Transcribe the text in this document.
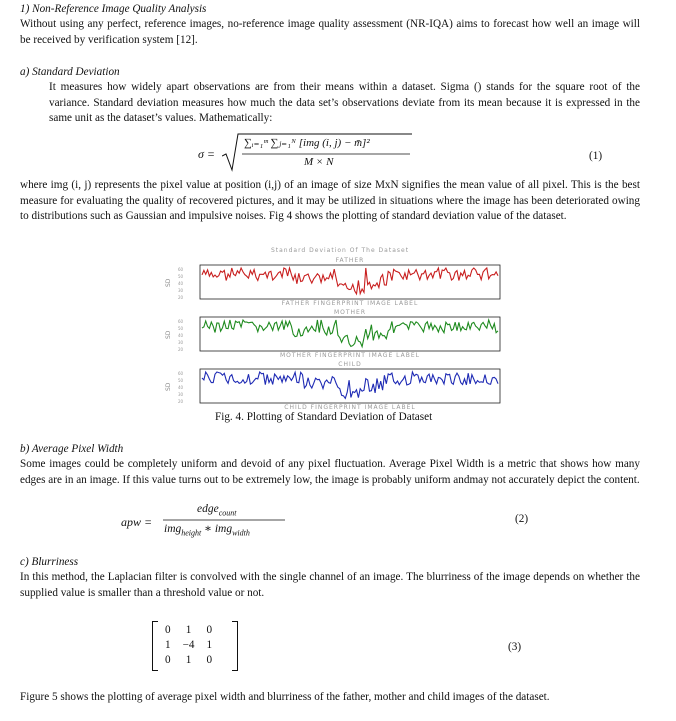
1) Non-Reference Image Quality Analysis
Without using any perfect, reference images, no-reference image quality assessment (NR-IQA) aims to forecast how well an image will be received by verification system [12].
a) Standard Deviation
It measures how widely apart observations are from their means within a dataset. Sigma () stands for the square root of the variance. Standard deviation measures how much the data set’s observations deviate from its mean because it is expressed in the same unit as the dataset’s values. Mathematically:
σ =
∑ᵢ₌₁ᵐ ∑ⱼ₌₁ᴺ [img (i, j) − m̄]²
M × N	(1)
where img (i, j) represents the pixel value at position (i,j) of an image of size MxN signifies the mean value of all pixel. This is the best measure for evaluating the quality of recovered pictures, and it may be utilized in situations where the image has been deteriorated owing to distributions such as Gaussian and impulsive noises. Fig 4 shows the plotting of standard deviation value of the dataset.
Standard Deviation Of The Dataset
FATHER
FATHER FINGERPRINT IMAGE LABEL
SD
60
50
40
30
20
MOTHER
MOTHER FINGERPRINT IMAGE LABEL
SD
60
50
40
30
20
CHILD
CHILD FINGERPRINT IMAGE LABEL
SD
60
50
40
30
20
Fig. 4. Plotting of Standard Deviation of Dataset
b) Average Pixel Width
Some images could be completely uniform and devoid of any pixel fluctuation. Average Pixel Width is a metric that shows how many edges are in an image. If this value turns out to be extremely low, the image is probably uniform andmay not accurately depict the content.
apw =
edge$_{count}$
img$_{height}$ ∗ img$_{width}$
(2)
c) Blurriness
In this method, the Laplacian filter is convolved with the single channel of an image. The blurriness of the image depends on whether the supplied value is smaller than a threshold value or not.
0	1	0
1	−4	1
0	1	0
(3)
Figure 5 shows the plotting of average pixel width and blurriness of the father, mother and child images of the dataset.
